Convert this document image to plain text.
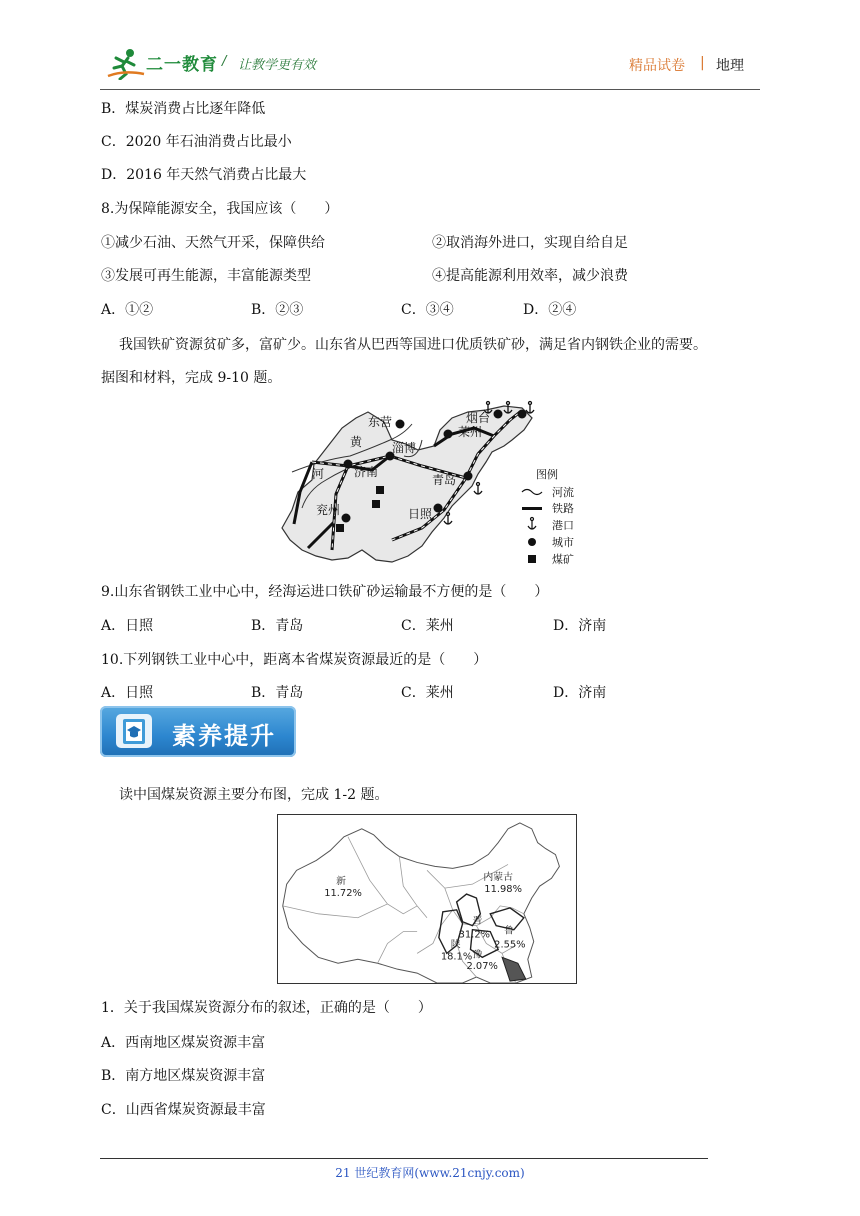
二一教育 / 让教学更有效	精品试卷 | 地理
B．煤炭消费占比逐年降低
C．2020 年石油消费占比最小
D．2016 年天然气消费占比最大
8.为保障能源安全，我国应该（　　）
①减少石油、天然气开采，保障供给	②取消海外进口，实现自给自足
③发展可再生能源，丰富能源类型	④提高能源利用效率，减少浪费
A．①②	B．②③	C．③④	D．②④
我国铁矿资源贫矿多，富矿少。山东省从巴西等国进口优质铁矿砂，满足省内钢铁企业的需要。
据图和材料，完成 9-10 题。
东营	烟台
莱州
淄博
济南
青岛
日照
兖州
黄
河	图例
河流
铁路
港口
城市
煤矿
9.山东省钢铁工业中心中，经海运进口铁矿砂运输最不方便的是（　　）
A．日照	B．青岛	C．莱州	D．济南
10.下列钢铁工业中心中，距离本省煤炭资源最近的是（　　）
A．日照	B．青岛	C．莱州	D．济南
素养提升
读中国煤炭资源主要分布图，完成 1-2 题。
新
11.72%
内蒙古
11.98%
晋
31.2% 鲁
2.55%
陕
18.1% 豫
2.07%
1．关于我国煤炭资源分布的叙述，正确的是（　　）
A．西南地区煤炭资源丰富
B．南方地区煤炭资源丰富
C．山西省煤炭资源最丰富
21 世纪教育网(www.21cnjy.com)
